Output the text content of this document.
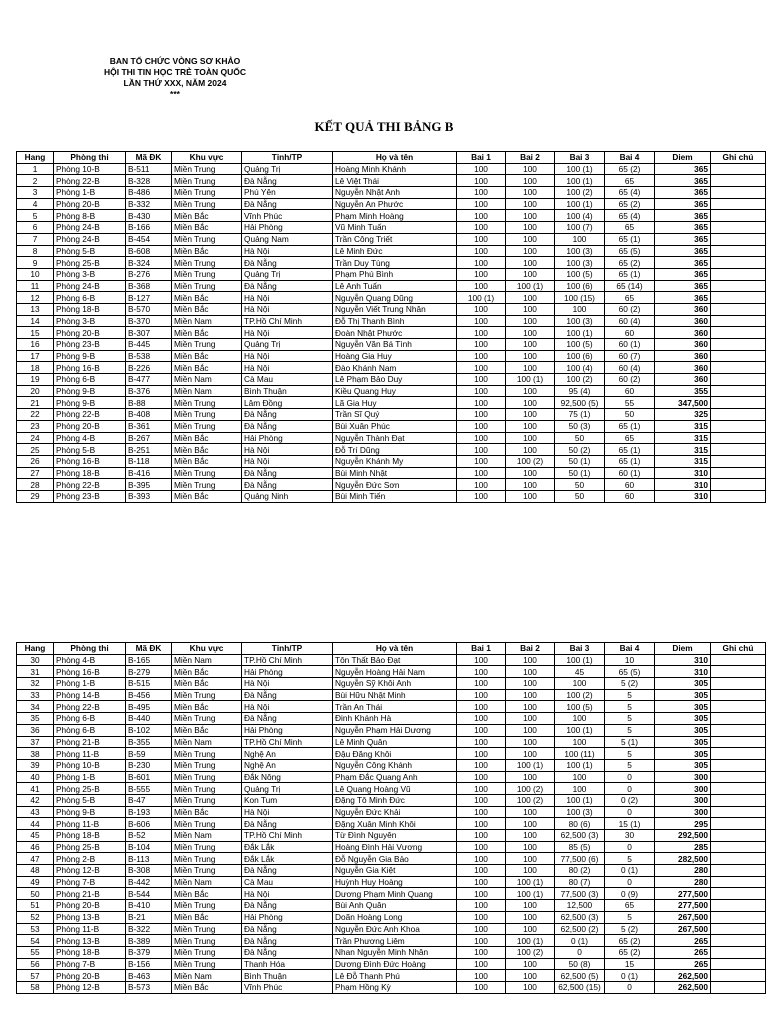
BAN TỔ CHỨC VÒNG SƠ KHẢO
HỘI THI TIN HỌC TRẺ TOÀN QUỐC
LẦN THỨ XXX, NĂM 2024
***
KẾT QUẢ THI BẢNG B
Hang	Phòng thi	Mã ĐK	Khu vực	Tỉnh/TP	Họ và tên	Bai 1	Bai 2	Bai 3	Bai 4	Diem	Ghi chú
1	Phòng 10-B	B-511	Miền Trung	Quảng Trị	Hoàng Minh Khánh	100	100	100 (1)	65 (2)	365	
2	Phòng 22-B	B-328	Miền Trung	Đà Nẵng	Lê Việt Thái	100	100	100 (1)	65	365	
3	Phòng 1-B	B-486	Miền Trung	Phú Yên	Nguyễn Nhật Anh	100	100	100 (2)	65 (4)	365	
4	Phòng 20-B	B-332	Miền Trung	Đà Nẵng	Nguyễn An Phước	100	100	100 (1)	65 (2)	365	
5	Phòng 8-B	B-430	Miền Bắc	Vĩnh Phúc	Phạm Minh Hoàng	100	100	100 (4)	65 (4)	365	
6	Phòng 24-B	B-166	Miền Bắc	Hải Phòng	Vũ Minh Tuấn	100	100	100 (7)	65	365	
7	Phòng 24-B	B-454	Miền Trung	Quảng Nam	Trần Công Triết	100	100	100	65 (1)	365	
8	Phòng 5-B	B-608	Miền Bắc	Hà Nội	Lê Minh Đức	100	100	100 (3)	65 (5)	365	
9	Phòng 25-B	B-324	Miền Trung	Đà Nẵng	Trần Duy Tùng	100	100	100 (3)	65 (2)	365	
10	Phòng 3-B	B-276	Miền Trung	Quảng Trị	Phạm Phú Bình	100	100	100 (5)	65 (1)	365	
11	Phòng 24-B	B-368	Miền Trung	Đà Nẵng	Lê Anh Tuấn	100	100 (1)	100 (6)	65 (14)	365	
12	Phòng 6-B	B-127	Miền Bắc	Hà Nội	Nguyễn Quang Dũng	100 (1)	100	100 (15)	65	365	
13	Phòng 18-B	B-570	Miền Bắc	Hà Nội	Nguyễn Viết Trung Nhân	100	100	100	60 (2)	360	
14	Phòng 3-B	B-370	Miền Nam	TP.Hồ Chí Minh	Đỗ Thị Thanh Bình	100	100	100 (3)	60 (4)	360	
15	Phòng 20-B	B-307	Miền Bắc	Hà Nội	Đoàn Nhật Phước	100	100	100 (1)	60	360	
16	Phòng 23-B	B-445	Miền Trung	Quảng Trị	Nguyễn Văn Bá Tình	100	100	100 (5)	60 (1)	360	
17	Phòng 9-B	B-538	Miền Bắc	Hà Nội	Hoàng Gia Huy	100	100	100 (6)	60 (7)	360	
18	Phòng 16-B	B-226	Miền Bắc	Hà Nội	Đào Khánh Nam	100	100	100 (4)	60 (4)	360	
19	Phòng 6-B	B-477	Miền Nam	Cà Mau	Lê Phạm Bảo Duy	100	100 (1)	100 (2)	60 (2)	360	
20	Phòng 9-B	B-376	Miền Nam	Bình Thuận	Kiều Quang Huy	100	100	95 (4)	60	355	
21	Phòng 9-B	B-88	Miền Trung	Lâm Đồng	Lã Gia Huy	100	100	92,500 (5)	55	347,500	
22	Phòng 22-B	B-408	Miền Trung	Đà Nẵng	Trần Sĩ Quý	100	100	75 (1)	50	325	
23	Phòng 20-B	B-361	Miền Trung	Đà Nẵng	Bùi Xuân Phúc	100	100	50 (3)	65 (1)	315	
24	Phòng 4-B	B-267	Miền Bắc	Hải Phòng	Nguyễn Thành Đạt	100	100	50	65	315	
25	Phòng 5-B	B-251	Miền Bắc	Hà Nội	Đỗ Trí Dũng	100	100	50 (2)	65 (1)	315	
26	Phòng 16-B	B-118	Miền Bắc	Hà Nội	Nguyễn Khánh My	100	100 (2)	50 (1)	65 (1)	315	
27	Phòng 18-B	B-416	Miền Trung	Đà Nẵng	Bùi Minh Nhật	100	100	50 (1)	60 (1)	310	
28	Phòng 22-B	B-395	Miền Trung	Đà Nẵng	Nguyễn Đức Sơn	100	100	50	60	310	
29	Phòng 23-B	B-393	Miền Bắc	Quảng Ninh	Bùi Minh Tiến	100	100	50	60	310	
Hang	Phòng thi	Mã ĐK	Khu vực	Tỉnh/TP	Họ và tên	Bai 1	Bai 2	Bai 3	Bai 4	Diem	Ghi chú
30	Phòng 4-B	B-165	Miền Nam	TP.Hồ Chí Minh	Tôn Thất Bảo Đạt	100	100	100 (1)	10	310	
31	Phòng 16-B	B-279	Miền Bắc	Hải Phòng	Nguyễn Hoàng Hải Nam	100	100	45	65 (5)	310	
32	Phòng 1-B	B-515	Miền Bắc	Hà Nội	Nguyễn Sỹ Khôi Anh	100	100	100	5 (2)	305	
33	Phòng 14-B	B-456	Miền Trung	Đà Nẵng	Bùi Hữu Nhật Minh	100	100	100 (2)	5	305	
34	Phòng 22-B	B-495	Miền Bắc	Hà Nội	Trần An Thái	100	100	100 (5)	5	305	
35	Phòng 6-B	B-440	Miền Trung	Đà Nẵng	Đinh Khánh Hà	100	100	100	5	305	
36	Phòng 6-B	B-102	Miền Bắc	Hải Phòng	Nguyễn Phạm Hải Dương	100	100	100 (1)	5	305	
37	Phòng 21-B	B-355	Miền Nam	TP.Hồ Chí Minh	Lê Minh Quân	100	100	100	5 (1)	305	
38	Phòng 11-B	B-59	Miền Trung	Nghệ An	Đậu Đăng Khôi	100	100	100 (11)	5	305	
39	Phòng 10-B	B-230	Miền Trung	Nghệ An	Nguyễn Công Khánh	100	100 (1)	100 (1)	5	305	
40	Phòng 1-B	B-601	Miền Trung	Đắk Nông	Phạm Đắc Quang Anh	100	100	100	0	300	
41	Phòng 25-B	B-555	Miền Trung	Quảng Trị	Lê Quang Hoàng Vũ	100	100 (2)	100	0	300	
42	Phòng 5-B	B-47	Miền Trung	Kon Tum	Đặng Tô Minh Đức	100	100 (2)	100 (1)	0 (2)	300	
43	Phòng 9-B	B-193	Miền Bắc	Hà Nội	Nguyễn Đức Khải	100	100	100 (3)	0	300	
44	Phòng 11-B	B-606	Miền Trung	Đà Nẵng	Đặng Xuân Minh Khôi	100	100	80 (6)	15 (1)	295	
45	Phòng 18-B	B-52	Miền Nam	TP.Hồ Chí Minh	Từ Đình Nguyên	100	100	62,500 (3)	30	292,500	
46	Phòng 25-B	B-104	Miền Trung	Đắk Lắk	Hoàng Đình Hải Vương	100	100	85 (5)	0	285	
47	Phòng 2-B	B-113	Miền Trung	Đắk Lắk	Đỗ Nguyễn Gia Bảo	100	100	77,500 (6)	5	282,500	
48	Phòng 12-B	B-308	Miền Trung	Đà Nẵng	Nguyễn Gia Kiệt	100	100	80 (2)	0 (1)	280	
49	Phòng 7-B	B-442	Miền Nam	Cà Mau	Huỳnh Huy Hoàng	100	100 (1)	80 (7)	0	280	
50	Phòng 21-B	B-544	Miền Bắc	Hà Nội	Dương Phạm Minh Quang	100	100 (1)	77,500 (3)	0 (9)	277,500	
51	Phòng 20-B	B-410	Miền Trung	Đà Nẵng	Bùi Anh Quân	100	100	12,500	65	277,500	
52	Phòng 13-B	B-21	Miền Bắc	Hải Phòng	Doãn Hoàng Long	100	100	62,500 (3)	5	267,500	
53	Phòng 11-B	B-322	Miền Trung	Đà Nẵng	Nguyễn Đức Anh Khoa	100	100	62,500 (2)	5 (2)	267,500	
54	Phòng 13-B	B-389	Miền Trung	Đà Nẵng	Trần Phương Liêm	100	100 (1)	0 (1)	65 (2)	265	
55	Phòng 18-B	B-379	Miền Trung	Đà Nẵng	Nhan Nguyễn Minh Nhân	100	100 (2)	0	65 (2)	265	
56	Phòng 7-B	B-156	Miền Trung	Thanh Hóa	Dương Đình Đức Hoàng	100	100	50 (8)	15	265	
57	Phòng 20-B	B-463	Miền Nam	Bình Thuận	Lê Đỗ Thanh Phú	100	100	62,500 (5)	0 (1)	262,500	
58	Phòng 12-B	B-573	Miền Bắc	Vĩnh Phúc	Phạm Hồng Kỳ	100	100	62,500 (15)	0	262,500	
